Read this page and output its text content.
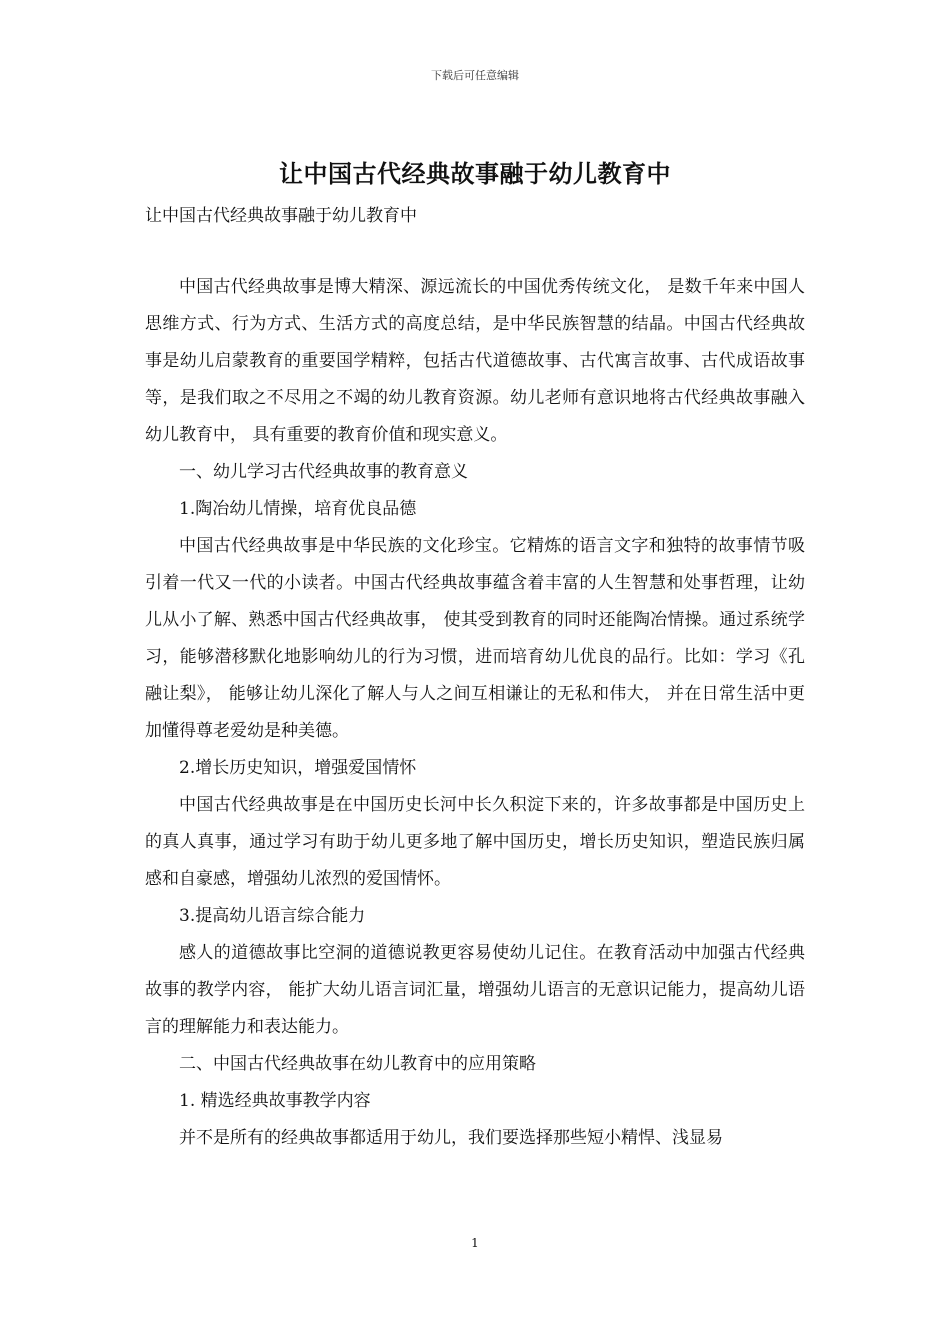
下载后可任意编辑
让中国古代经典故事融于幼儿教育中
让中国古代经典故事融于幼儿教育中

中国古代经典故事是博大精深、源远流长的中国优秀传统文化， 是数千年来中国人思维方式、行为方式、生活方式的高度总结，是中华民族智慧的结晶。中国古代经典故事是幼儿启蒙教育的重要国学精粹，包括古代道德故事、古代寓言故事、古代成语故事等，是我们取之不尽用之不竭的幼儿教育资源。幼儿老师有意识地将古代经典故事融入幼儿教育中， 具有重要的教育价值和现实意义。

一、幼儿学习古代经典故事的教育意义

1.陶冶幼儿情操，培育优良品德

中国古代经典故事是中华民族的文化珍宝。它精炼的语言文字和独特的故事情节吸引着一代又一代的小读者。中国古代经典故事蕴含着丰富的人生智慧和处事哲理，让幼儿从小了解、熟悉中国古代经典故事， 使其受到教育的同时还能陶冶情操。通过系统学习，能够潜移默化地影响幼儿的行为习惯，进而培育幼儿优良的品行。比如：学习《孔融让梨》， 能够让幼儿深化了解人与人之间互相谦让的无私和伟大， 并在日常生活中更加懂得尊老爱幼是种美德。

2.增长历史知识，增强爱国情怀

中国古代经典故事是在中国历史长河中长久积淀下来的，许多故事都是中国历史上的真人真事，通过学习有助于幼儿更多地了解中国历史，增长历史知识，塑造民族归属感和自豪感，增强幼儿浓烈的爱国情怀。

3.提高幼儿语言综合能力

感人的道德故事比空洞的道德说教更容易使幼儿记住。在教育活动中加强古代经典故事的教学内容， 能扩大幼儿语言词汇量，增强幼儿语言的无意识记能力，提高幼儿语言的理解能力和表达能力。

二、中国古代经典故事在幼儿教育中的应用策略

1. 精选经典故事教学内容

并不是所有的经典故事都适用于幼儿，我们要选择那些短小精悍、浅显易

1
